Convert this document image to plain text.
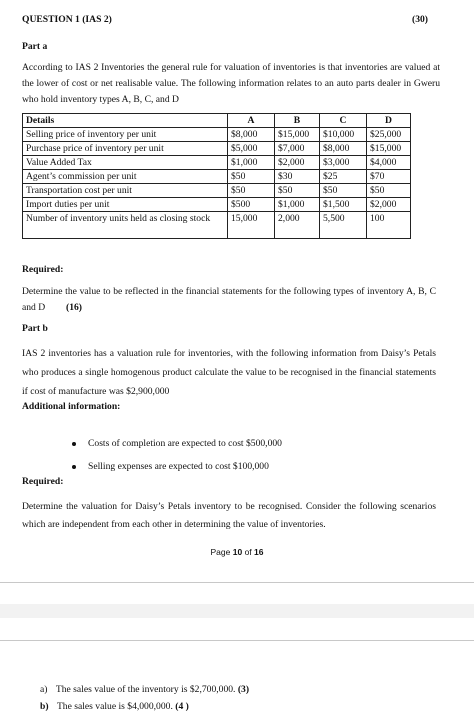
QUESTION 1 (IAS 2)	(30)
Part a
According to IAS 2 Inventories the general rule for valuation of inventories is that inventories are valued at the lower of cost or net realisable value. The following information relates to an auto parts dealer in Gweru who hold inventory types A, B, C, and D
Details	A	B	C	D
Selling price of inventory per unit	$8,000	$15,000	$10,000	$25,000
Purchase price of inventory per unit	$5,000	$7,000	$8,000	$15,000
Value Added Tax	$1,000	$2,000	$3,000	$4,000
Agent’s commission per unit	$50	$30	$25	$70
Transportation cost per unit	$50	$50	$50	$50
Import duties per unit	$500	$1,000	$1,500	$2,000
Number of inventory units held as closing stock	15,000	2,000	5,500	100
Required:
Determine the value to be reflected in the financial statements for the following types of inventory A, B, C and D (16)
Part b
IAS 2 inventories has a valuation rule for inventories, with the following information from Daisy’s Petals who produces a single homogenous product calculate the value to be recognised in the financial statements if cost of manufacture was $2,900,000
Additional information:
Costs of completion are expected to cost $500,000
Selling expenses are expected to cost $100,000
Required:
Determine the valuation for Daisy’s Petals inventory to be recognised. Consider the following scenarios which are independent from each other in determining the value of inventories.
Page 10 of 16
a) The sales value of the inventory is $2,700,000. (3)
b) The sales value is $4,000,000. (4 )
